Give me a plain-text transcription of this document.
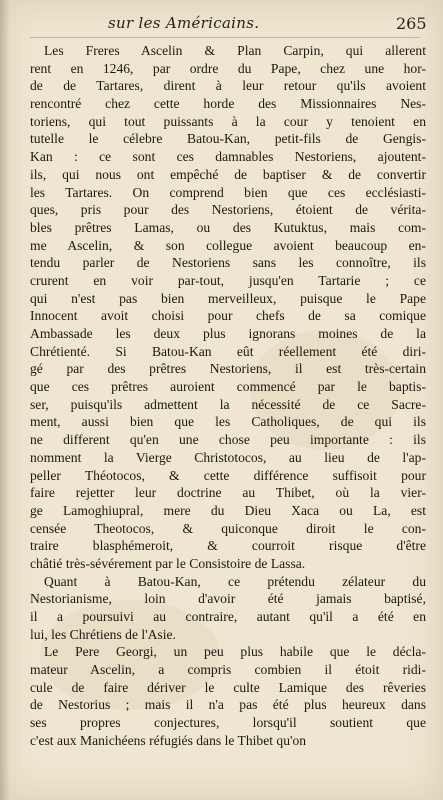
sur les Américains.	265
Les Freres Ascelin & Plan Carpin, qui allerent
rent en 1246, par ordre du Pape, chez une hor-
de de Tartares, dirent à leur retour qu'ils avoient
rencontré chez cette horde des Missionnaires Nes-
toriens, qui tout puissants à la cour y tenoient en
tutelle le célebre Batou-Kan, petit-fils de Gengis-
Kan : ce sont ces damnables Nestoriens, ajoutent-
ils, qui nous ont empêché de baptiser & de convertir
les Tartares. On comprend bien que ces ecclésiasti-
ques, pris pour des Nestoriens, étoient de vérita-
bles prêtres Lamas, ou des Kutuktus, mais com-
me Ascelin, & son collegue avoient beaucoup en-
tendu parler de Nestoriens sans les connoître, ils
crurent en voir par-tout, jusqu'en Tartarie ; ce
qui n'est pas bien merveilleux, puisque le Pape
Innocent avoit choisi pour chefs de sa comique
Ambassade les deux plus ignorans moines de la
Chrétienté. Si Batou-Kan eût réellement été diri-
gé par des prêtres Nestoriens, il est très-certain
que ces prêtres auroient commencé par le baptis-
ser, puisqu'ils admettent la nécessité de ce Sacre-
ment, aussi bien que les Catholiques, de qui ils
ne different qu'en une chose peu importante : ils
nomment la Vierge Christotocos, au lieu de l'ap-
peller Théotocos, & cette différence suffisoit pour
faire rejetter leur doctrine au Thibet, où la vier-
ge Lamoghiupral, mere du Dieu Xaca ou La, est
censée Theotocos, & quiconque diroit le con-
traire blasphémeroit, & courroit risque d'être
châtié très-sévérement par le Consistoire de Lassa.
Quant à Batou-Kan, ce prétendu zélateur du
Nestorianisme, loin d'avoir été jamais baptisé,
il a poursuivi au contraire, autant qu'il a été en
lui, les Chrétiens de l'Asie.
Le Pere Georgi, un peu plus habile que le décla-
mateur Ascelin, a compris combien il étoit ridi-
cule de faire dériver le culte Lamique des rêveries
de Nestorius ; mais il n'a pas été plus heureux dans
ses propres conjectures, lorsqu'il soutient que
c'est aux Manichéens réfugiés dans le Thibet qu'on
